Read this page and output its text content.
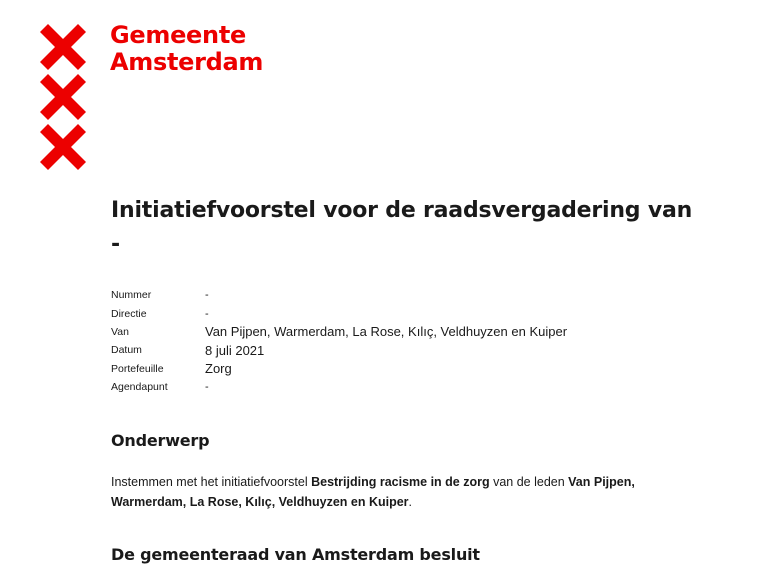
Gemeente
Amsterdam
Initiatiefvoorstel voor de raadsvergadering van
-
Nummer	-
Directie	-
Van	Van Pijpen, Warmerdam, La Rose, Kılıç, Veldhuyzen en Kuiper
Datum	8 juli 2021
Portefeuille	Zorg
Agendapunt	-
Onderwerp
Instemmen met het initiatiefvoorstel Bestrijding racisme in de zorg van de leden Van Pijpen, Warmerdam, La Rose, Kılıç, Veldhuyzen en Kuiper.
De gemeenteraad van Amsterdam besluit
